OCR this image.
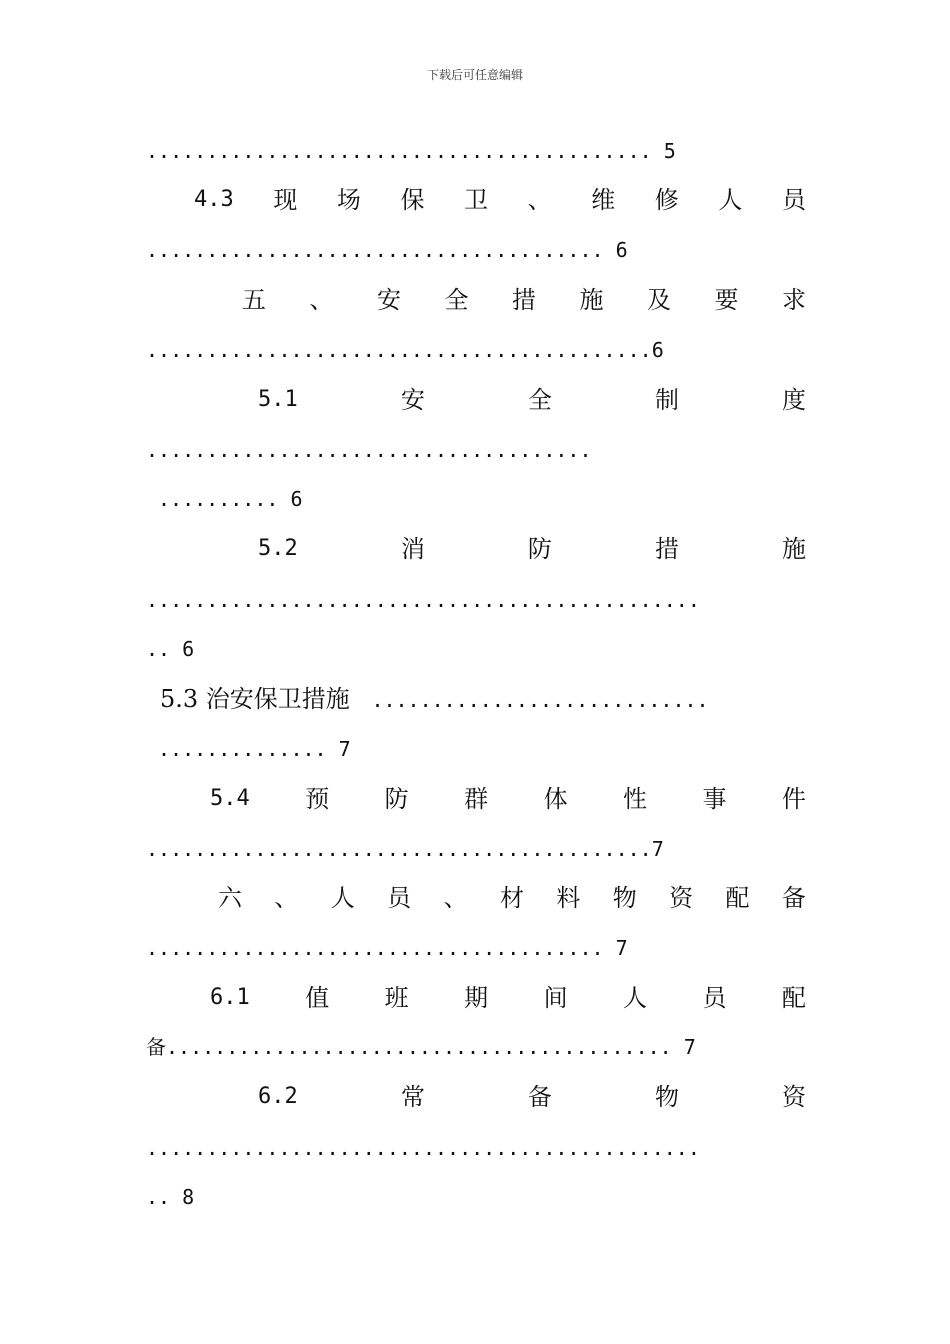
下载后可任意编辑
.......................................... 5
4.3 现 场 保 卫 、 维 修 人 员
...................................... 6
五 、 安 全 措 施 及 要 求
..........................................6
5.1	安	全	制	度
.....................................
.......... 6
5.2	消	防	措	施
..............................................
.. 6
5.3 治安保卫措施 ............................
.............. 7
5.4 预 防 群 体 性 事 件
..........................................7
六 、 人 员 、 材 料 物 资 配 备
...................................... 7
6.1 值 班 期 间 人 员 配
备.......................................... 7
6.2	常	备	物	资
..............................................
.. 8
